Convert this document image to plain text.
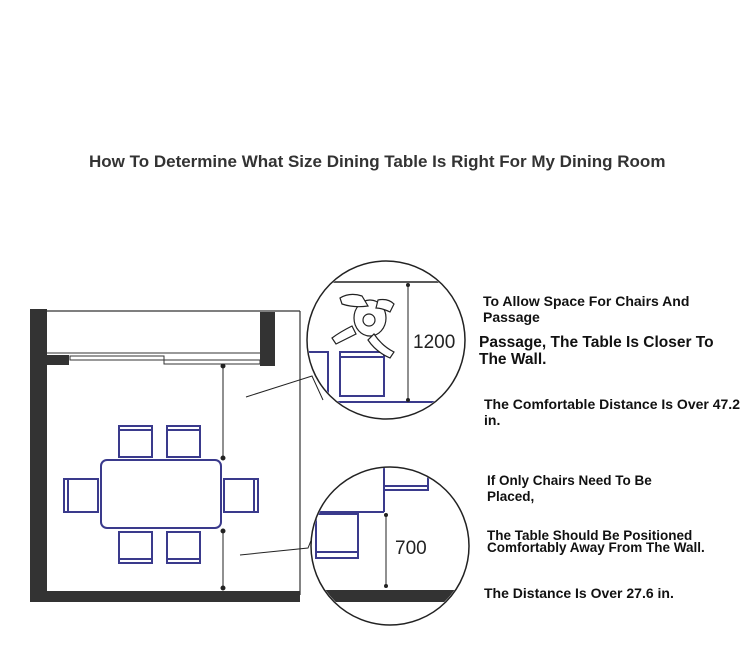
How To Determine What Size Dining Table Is Right For My Dining Room
1200
700
To Allow Space For Chairs And Passage
Passage, The Table Is Closer To
The Wall.
The Comfortable Distance Is Over 47.2 in.
If Only Chairs Need To Be
Placed,
The Table Should Be Positioned
Comfortably Away From The Wall.
The Distance Is Over 27.6 in.
